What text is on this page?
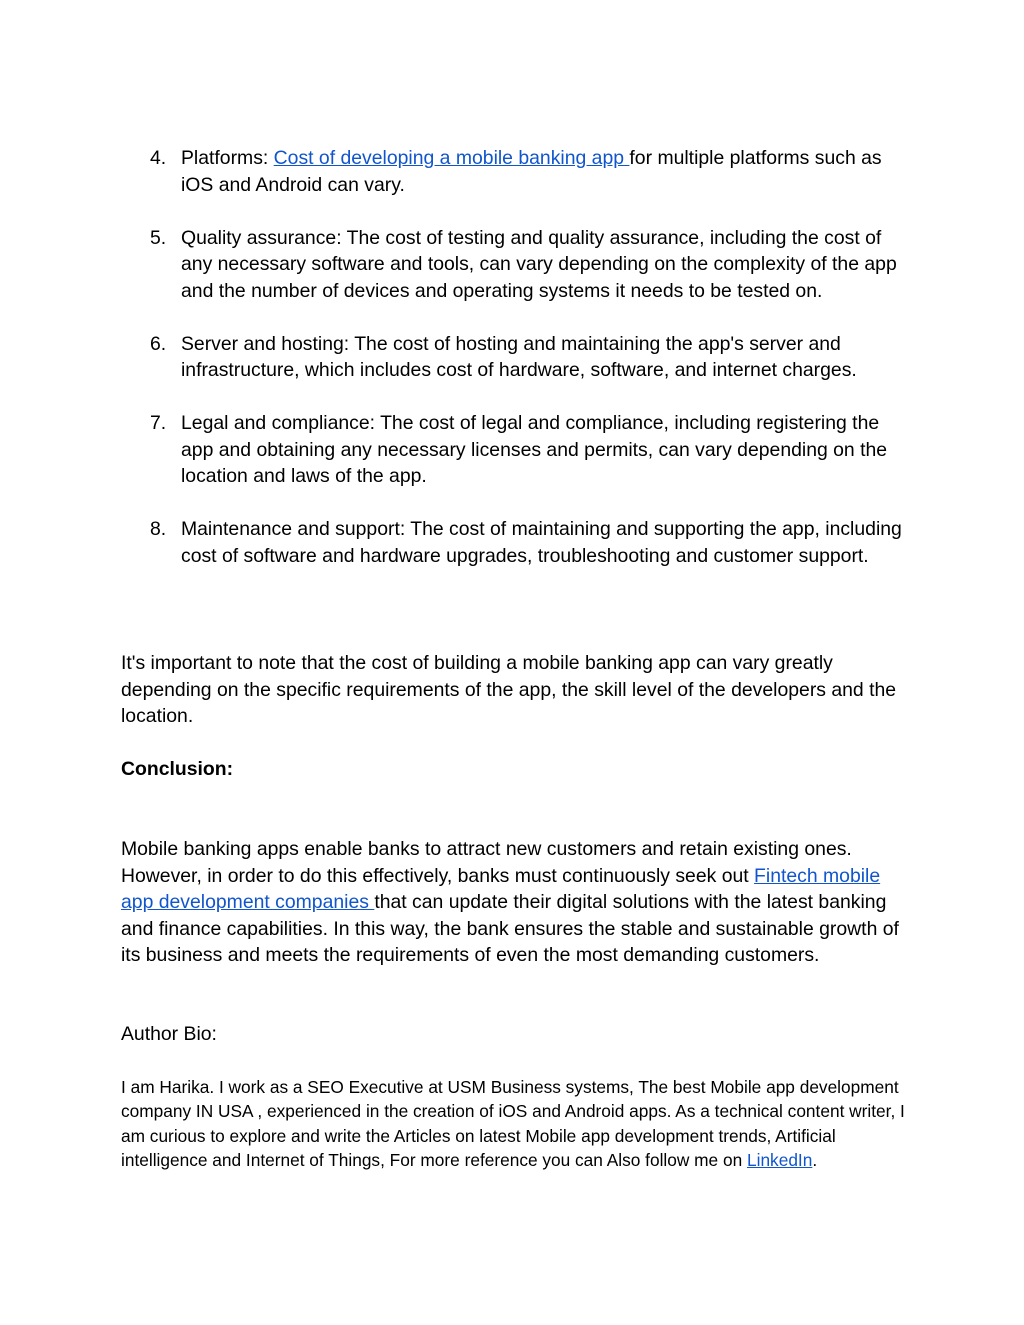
4. Platforms: Cost of developing a mobile banking app for multiple platforms such as iOS and Android can vary.
5. Quality assurance: The cost of testing and quality assurance, including the cost of any necessary software and tools, can vary depending on the complexity of the app and the number of devices and operating systems it needs to be tested on.
6. Server and hosting: The cost of hosting and maintaining the app's server and infrastructure, which includes cost of hardware, software, and internet charges.
7. Legal and compliance: The cost of legal and compliance, including registering the app and obtaining any necessary licenses and permits, can vary depending on the location and laws of the app.
8. Maintenance and support: The cost of maintaining and supporting the app, including cost of software and hardware upgrades, troubleshooting and customer support.

It's important to note that the cost of building a mobile banking app can vary greatly depending on the specific requirements of the app, the skill level of the developers and the location.

Conclusion:

Mobile banking apps enable banks to attract new customers and retain existing ones. However, in order to do this effectively, banks must continuously seek out Fintech mobile app development companies that can update their digital solutions with the latest banking and finance capabilities. In this way, the bank ensures the stable and sustainable growth of its business and meets the requirements of even the most demanding customers.

Author Bio:

I am Harika. I work as a SEO Executive at USM Business systems, The best Mobile app development company IN USA , experienced in the creation of iOS and Android apps. As a technical content writer, I am curious to explore and write the Articles on latest Mobile app development trends, Artificial intelligence and Internet of Things, For more reference you can Also follow me on LinkedIn.
